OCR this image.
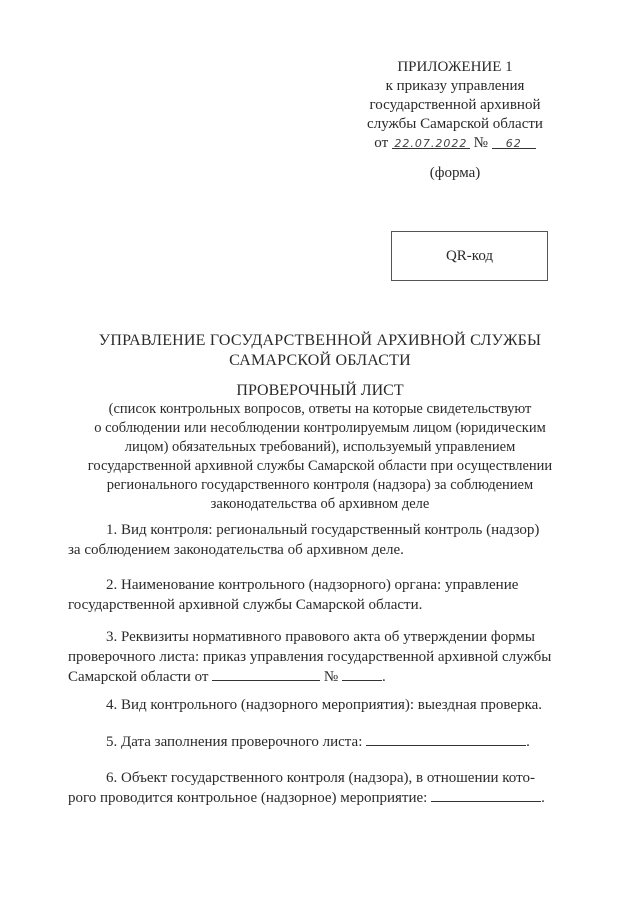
ПРИЛОЖЕНИЕ 1
к приказу управления
государственной архивной
службы Самарской области
от 22.07.2022 № 62
(форма)
QR-код
УПРАВЛЕНИЕ ГОСУДАРСТВЕННОЙ АРХИВНОЙ СЛУЖБЫ
САМАРСКОЙ ОБЛАСТИ
ПРОВЕРОЧНЫЙ ЛИСТ
(список контрольных вопросов, ответы на которые свидетельствуют
о соблюдении или несоблюдении контролируемым лицом (юридическим
лицом) обязательных требований), используемый управлением
государственной архивной службы Самарской области при осуществлении
регионального государственного контроля (надзора) за соблюдением
законодательства об архивном деле
1. Вид контроля: региональный государственный контроль (надзор)
за соблюдением законодательства об архивном деле.
2. Наименование контрольного (надзорного) органа: управление
государственной архивной службы Самарской области.
3. Реквизиты нормативного правового акта об утверждении формы
проверочного листа: приказ управления государственной архивной службы
Самарской области от	№	.
4. Вид контрольного (надзорного мероприятия): выездная проверка.
5. Дата заполнения проверочного листа:	.
6. Объект государственного контроля (надзора), в отношении кото-
рого проводится контрольное (надзорное) мероприятие:	.
